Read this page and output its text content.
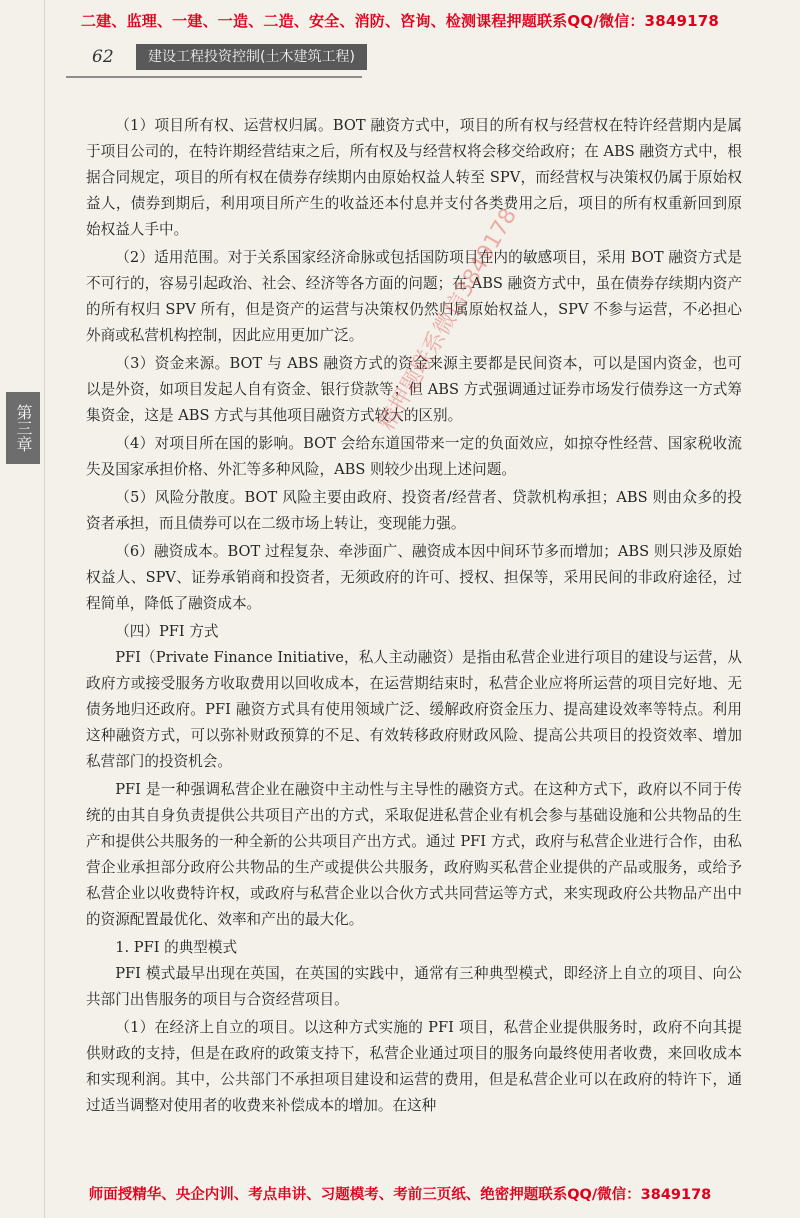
二建、监理、一建、一造、二造、安全、消防、咨询、检测课程押题联系QQ/微信：3849178
62	建设工程投资控制(土木建筑工程)
第三章

（1）项目所有权、运营权归属。BOT 融资方式中，项目的所有权与经营权在特许经营期内是属于项目公司的，在特许期经营结束之后，所有权及与经营权将会移交给政府；在 ABS 融资方式中，根据合同规定，项目的所有权在债券存续期内由原始权益人转至 SPV，而经营权与决策权仍属于原始权益人，债券到期后，利用项目所产生的收益还本付息并支付各类费用之后，项目的所有权重新回到原始权益人手中。

（2）适用范围。对于关系国家经济命脉或包括国防项目在内的敏感项目，采用 BOT 融资方式是不可行的，容易引起政治、社会、经济等各方面的问题；在 ABS 融资方式中，虽在债券存续期内资产的所有权归 SPV 所有，但是资产的运营与决策权仍然归属原始权益人，SPV 不参与运营，不必担心外商或私营机构控制，因此应用更加广泛。

（3）资金来源。BOT 与 ABS 融资方式的资金来源主要都是民间资本，可以是国内资金，也可以是外资，如项目发起人自有资金、银行贷款等；但 ABS 方式强调通过证券市场发行债券这一方式筹集资金，这是 ABS 方式与其他项目融资方式较大的区别。

（4）对项目所在国的影响。BOT 会给东道国带来一定的负面效应，如掠夺性经营、国家税收流失及国家承担价格、外汇等多种风险，ABS 则较少出现上述问题。

（5）风险分散度。BOT 风险主要由政府、投资者/经营者、贷款机构承担；ABS 则由众多的投资者承担，而且债券可以在二级市场上转让，变现能力强。

（6）融资成本。BOT 过程复杂、牵涉面广、融资成本因中间环节多而增加；ABS 则只涉及原始权益人、SPV、证券承销商和投资者，无须政府的许可、授权、担保等，采用民间的非政府途径，过程简单，降低了融资成本。

（四）PFI 方式

PFI（Private Finance Initiative，私人主动融资）是指由私营企业进行项目的建设与运营，从政府方或接受服务方收取费用以回收成本，在运营期结束时，私营企业应将所运营的项目完好地、无债务地归还政府。PFI 融资方式具有使用领域广泛、缓解政府资金压力、提高建设效率等特点。利用这种融资方式，可以弥补财政预算的不足、有效转移政府财政风险、提高公共项目的投资效率、增加私营部门的投资机会。

PFI 是一种强调私营企业在融资中主动性与主导性的融资方式。在这种方式下，政府以不同于传统的由其自身负责提供公共项目产出的方式，采取促进私营企业有机会参与基础设施和公共物品的生产和提供公共服务的一种全新的公共项目产出方式。通过 PFI 方式，政府与私营企业进行合作，由私营企业承担部分政府公共物品的生产或提供公共服务，政府购买私营企业提供的产品或服务，或给予私营企业以收费特许权，或政府与私营企业以合伙方式共同营运等方式，来实现政府公共物品产出中的资源配置最优化、效率和产出的最大化。

1. PFI 的典型模式

PFI 模式最早出现在英国，在英国的实践中，通常有三种典型模式，即经济上自立的项目、向公共部门出售服务的项目与合资经营项目。

（1）在经济上自立的项目。以这种方式实施的 PFI 项目，私营企业提供服务时，政府不向其提供财政的支持，但是在政府的政策支持下，私营企业通过项目的服务向最终使用者收费，来回收成本和实现利润。其中，公共部门不承担项目建设和运营的费用，但是私营企业可以在政府的特许下，通过适当调整对使用者的收费来补偿成本的增加。在这种

精押题联系微信3849178
师面授精华、央企内训、考点串讲、习题模考、考前三页纸、绝密押题联系QQ/微信：3849178
